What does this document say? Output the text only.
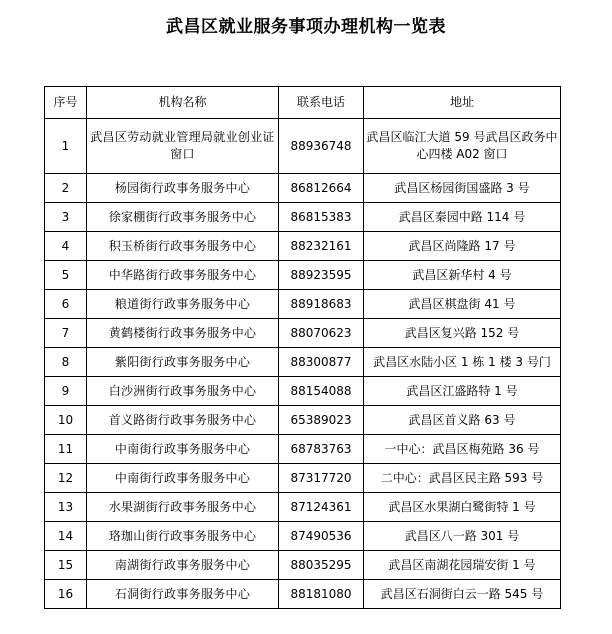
武昌区就业服务事项办理机构一览表
序号	机构名称	联系电话	地址
1	武昌区劳动就业管理局就业创业证窗口	88936748	武昌区临江大道 59 号武昌区政务中心四楼 A02 窗口
2	杨园街行政事务服务中心	86812664	武昌区杨园街国盛路 3 号
3	徐家棚街行政事务服务中心	86815383	武昌区秦园中路 114 号
4	积玉桥街行政事务服务中心	88232161	武昌区尚隆路 17 号
5	中华路街行政事务服务中心	88923595	武昌区新华村 4 号
6	粮道街行政事务服务中心	88918683	武昌区棋盘街 41 号
7	黄鹤楼街行政事务服务中心	88070623	武昌区复兴路 152 号
8	紫阳街行政事务服务中心	88300877	武昌区水陆小区 1 栋 1 楼 3 号门
9	白沙洲街行政事务服务中心	88154088	武昌区江盛路特 1 号
10	首义路街行政事务服务中心	65389023	武昌区首义路 63 号
11	中南街行政事务服务中心	68783763	一中心：武昌区梅苑路 36 号
12	中南街行政事务服务中心	87317720	二中心：武昌区民主路 593 号
13	水果湖街行政事务服务中心	87124361	武昌区水果湖白鹭街特 1 号
14	珞珈山街行政事务服务中心	87490536	武昌区八一路 301 号
15	南湖街行政事务服务中心	88035295	武昌区南湖花园瑞安街 1 号
16	石洞街行政事务服务中心	88181080	武昌区石洞街白云一路 545 号
